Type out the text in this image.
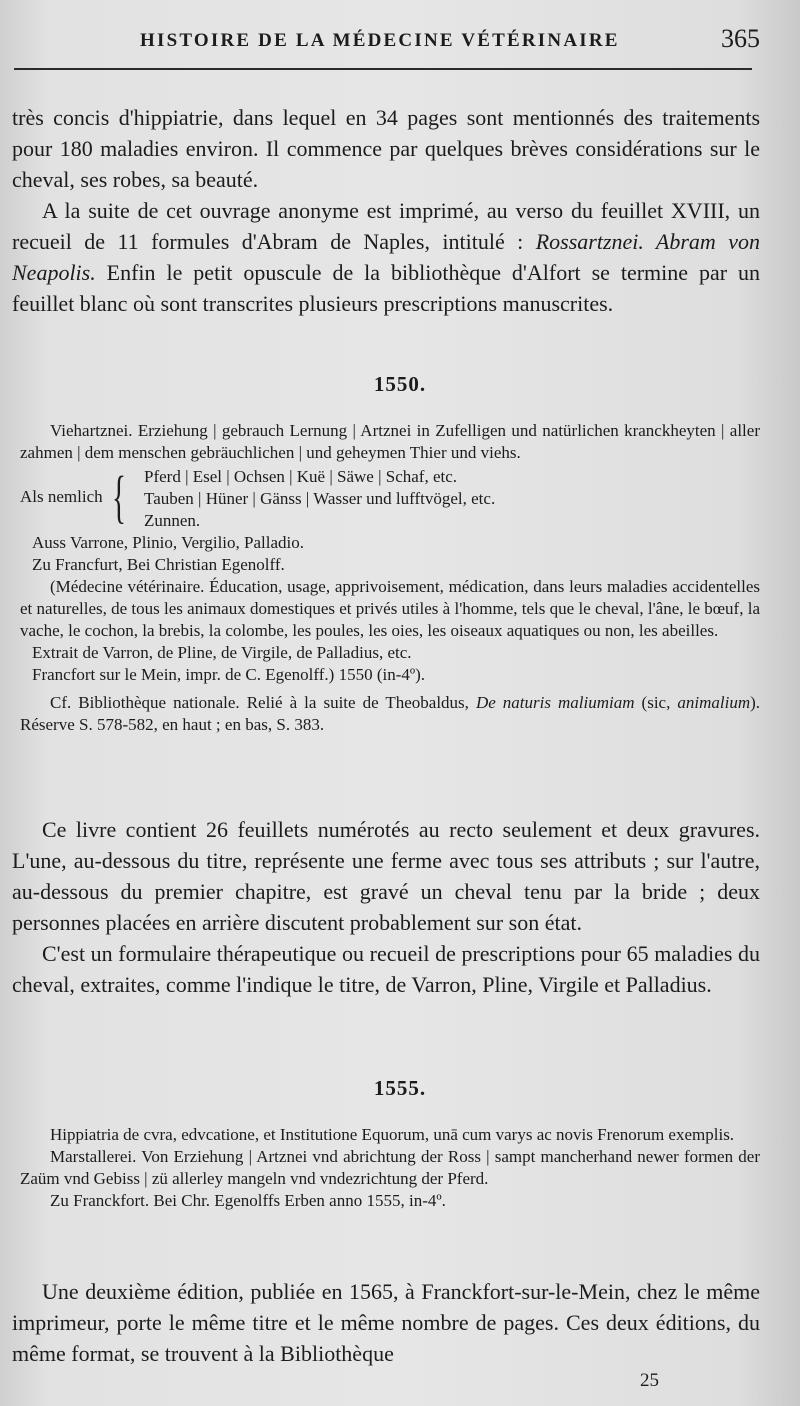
HISTOIRE DE LA MÉDECINE VÉTÉRINAIRE	365

très concis d'hippiatrie, dans lequel en 34 pages sont mentionnés des traitements pour 180 maladies environ. Il commence par quelques brèves considérations sur le cheval, ses robes, sa beauté.

A la suite de cet ouvrage anonyme est imprimé, au verso du feuillet XVIII, un recueil de 11 formules d'Abram de Naples, intitulé : Rossartznei. Abram von Neapolis. Enfin le petit opuscule de la bibliothèque d'Alfort se termine par un feuillet blanc où sont transcrites plusieurs prescriptions manuscrites.

1550.

Viehartznei. Erziehung | gebrauch Lernung | Artznei in Zufelligen und natürlichen kranckheyten | aller zahmen | dem menschen gebräuchlichen | und geheymen Thier und viehs.

Als nemlich { Pferd | Esel | Ochsen | Kuë | Säwe | Schaf, etc.
Tauben | Hüner | Gänss | Wasser und lufftvögel, etc.
Zunnen.

Auss Varrone, Plinio, Vergilio, Palladio.

Zu Francfurt, Bei Christian Egenolff.

(Médecine vétérinaire. Éducation, usage, apprivoisement, médication, dans leurs maladies accidentelles et naturelles, de tous les animaux domestiques et privés utiles à l'homme, tels que le cheval, l'âne, le bœuf, la vache, le cochon, la brebis, la colombe, les poules, les oies, les oiseaux aquatiques ou non, les abeilles.

Extrait de Varron, de Pline, de Virgile, de Palladius, etc.

Francfort sur le Mein, impr. de C. Egenolff.) 1550 (in-4º).

Cf. Bibliothèque nationale. Relié à la suite de Theobaldus, De naturis maliumiam (sic, animalium). Réserve S. 578-582, en haut ; en bas, S. 383.

Ce livre contient 26 feuillets numérotés au recto seulement et deux gravures. L'une, au-dessous du titre, représente une ferme avec tous ses attributs ; sur l'autre, au-dessous du premier chapitre, est gravé un cheval tenu par la bride ; deux personnes placées en arrière discutent probablement sur son état.

C'est un formulaire thérapeutique ou recueil de prescriptions pour 65 maladies du cheval, extraites, comme l'indique le titre, de Varron, Pline, Virgile et Palladius.

1555.

Hippiatria de cvra, edvcatione, et Institutione Equorum, unā cum varys ac novis Frenorum exemplis.

Marstallerei. Von Erziehung | Artznei vnd abrichtung der Ross | sampt mancherhand newer formen der Zaüm vnd Gebiss | zü allerley mangeln vnd vndezrichtung der Pferd.

Zu Franckfort. Bei Chr. Egenolffs Erben anno 1555, in-4º.

Une deuxième édition, publiée en 1565, à Franckfort-sur-le-Mein, chez le même imprimeur, porte le même titre et le même nombre de pages. Ces deux éditions, du même format, se trouvent à la Bibliothèque

25
